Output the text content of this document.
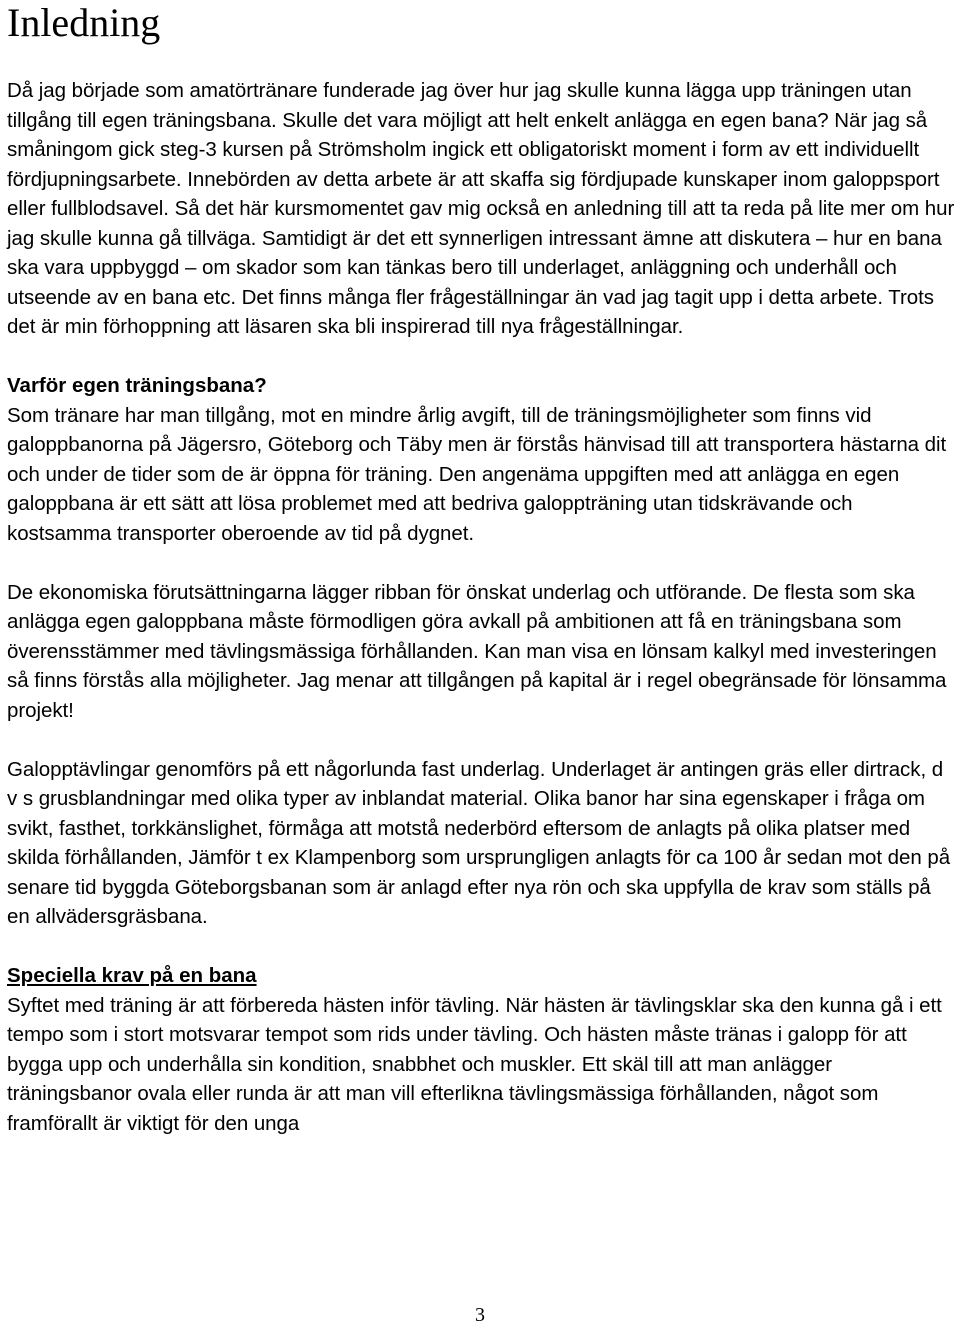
Inledning

Då jag började som amatörtränare funderade jag över hur jag skulle kunna lägga upp träningen utan tillgång till egen träningsbana. Skulle det vara möjligt att helt enkelt anlägga en egen bana? När jag så småningom gick steg-3 kursen på Strömsholm ingick ett obligatoriskt moment i form av ett individuellt fördjupningsarbete. Innebörden av detta arbete är att skaffa sig fördjupade kunskaper inom galoppsport eller fullblodsavel. Så det här kursmomentet gav mig också en anledning till att ta reda på lite mer om hur jag skulle kunna gå tillväga. Samtidigt är det ett synnerligen intressant ämne att diskutera – hur en bana ska vara uppbyggd – om skador som kan tänkas bero till underlaget, anläggning och underhåll och utseende av en bana etc. Det finns många fler frågeställningar än vad jag tagit upp i detta arbete. Trots det är min förhoppning att läsaren ska bli inspirerad till nya frågeställningar.

Varför egen träningsbana?

Som tränare har man tillgång, mot en mindre årlig avgift, till de träningsmöjligheter som finns vid galoppbanorna på Jägersro, Göteborg och Täby men är förstås hänvisad till att transportera hästarna dit och under de tider som de är öppna för träning. Den angenäma uppgiften med att anlägga en egen galoppbana är ett sätt att lösa problemet med att bedriva galoppträning utan tidskrävande och kostsamma transporter oberoende av tid på dygnet.

De ekonomiska förutsättningarna lägger ribban för önskat underlag och utförande. De flesta som ska anlägga egen galoppbana måste förmodligen göra avkall på ambitionen att få en träningsbana som överensstämmer med tävlingsmässiga förhållanden. Kan man visa en lönsam kalkyl med investeringen så finns förstås alla möjligheter. Jag menar att tillgången på kapital är i regel obegränsade för lönsamma projekt!

Galopptävlingar genomförs på ett någorlunda fast underlag. Underlaget är antingen gräs eller dirtrack, d v s grusblandningar med olika typer av inblandat material. Olika banor har sina egenskaper i fråga om svikt, fasthet, torkkänslighet, förmåga att motstå nederbörd eftersom de anlagts på olika platser med skilda förhållanden, Jämför t ex Klampenborg som ursprungligen anlagts för ca 100 år sedan mot den på senare tid byggda Göteborgsbanan som är anlagd efter nya rön och ska uppfylla de krav som ställs på en allvädersgräsbana.

Speciella krav på en bana

Syftet med träning är att förbereda hästen inför tävling. När hästen är tävlingsklar ska den kunna gå i ett tempo som i stort motsvarar tempot som rids under tävling. Och hästen måste tränas i galopp för att bygga upp och underhålla sin kondition, snabbhet och muskler. Ett skäl till att man anlägger träningsbanor ovala eller runda är att man vill efterlikna tävlingsmässiga förhållanden, något som framförallt är viktigt för den unga

3
